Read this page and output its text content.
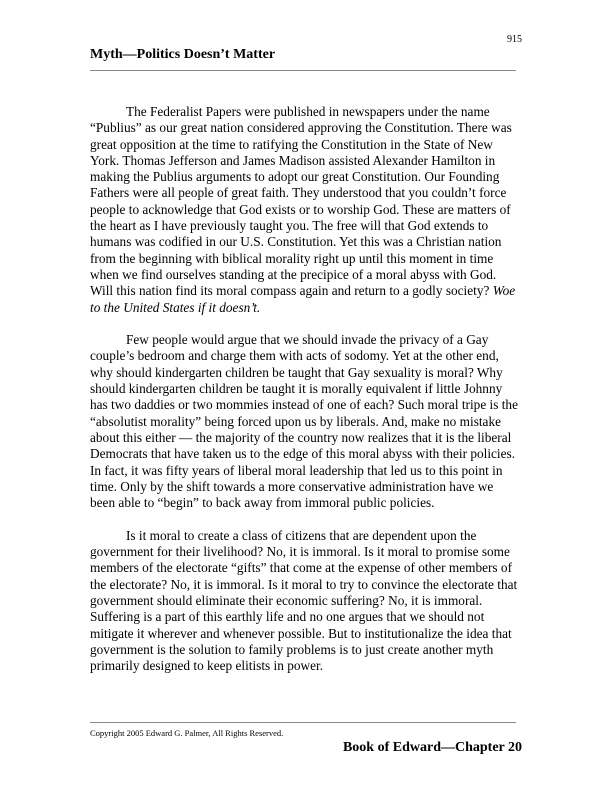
915
Myth—Politics Doesn’t Matter

The Federalist Papers were published in newspapers under the name “Publius” as our great nation considered approving the Constitution. There was great opposition at the time to ratifying the Constitution in the State of New York. Thomas Jefferson and James Madison assisted Alexander Hamilton in making the Publius arguments to adopt our great Constitution. Our Founding Fathers were all people of great faith. They understood that you couldn’t force people to acknowledge that God exists or to worship God. These are matters of the heart as I have previously taught you. The free will that God extends to humans was codified in our U.S. Constitution. Yet this was a Christian nation from the beginning with biblical morality right up until this moment in time when we find ourselves standing at the precipice of a moral abyss with God. Will this nation find its moral compass again and return to a godly society? Woe to the United States if it doesn’t.

Few people would argue that we should invade the privacy of a Gay couple’s bedroom and charge them with acts of sodomy. Yet at the other end, why should kindergarten children be taught that Gay sexuality is moral? Why should kindergarten children be taught it is morally equivalent if little Johnny has two daddies or two mommies instead of one of each? Such moral tripe is the “absolutist morality” being forced upon us by liberals. And, make no mistake about this either — the majority of the country now realizes that it is the liberal Democrats that have taken us to the edge of this moral abyss with their policies. In fact, it was fifty years of liberal moral leadership that led us to this point in time. Only by the shift towards a more conservative administration have we been able to “begin” to back away from immoral public policies.

Is it moral to create a class of citizens that are dependent upon the government for their livelihood? No, it is immoral. Is it moral to promise some members of the electorate “gifts” that come at the expense of other members of the electorate? No, it is immoral. Is it moral to try to convince the electorate that government should eliminate their economic suffering? No, it is immoral. Suffering is a part of this earthly life and no one argues that we should not mitigate it wherever and whenever possible. But to institutionalize the idea that government is the solution to family problems is to just create another myth primarily designed to keep elitists in power.

Copyright 2005 Edward G. Palmer, All Rights Reserved.
Book of Edward—Chapter 20
